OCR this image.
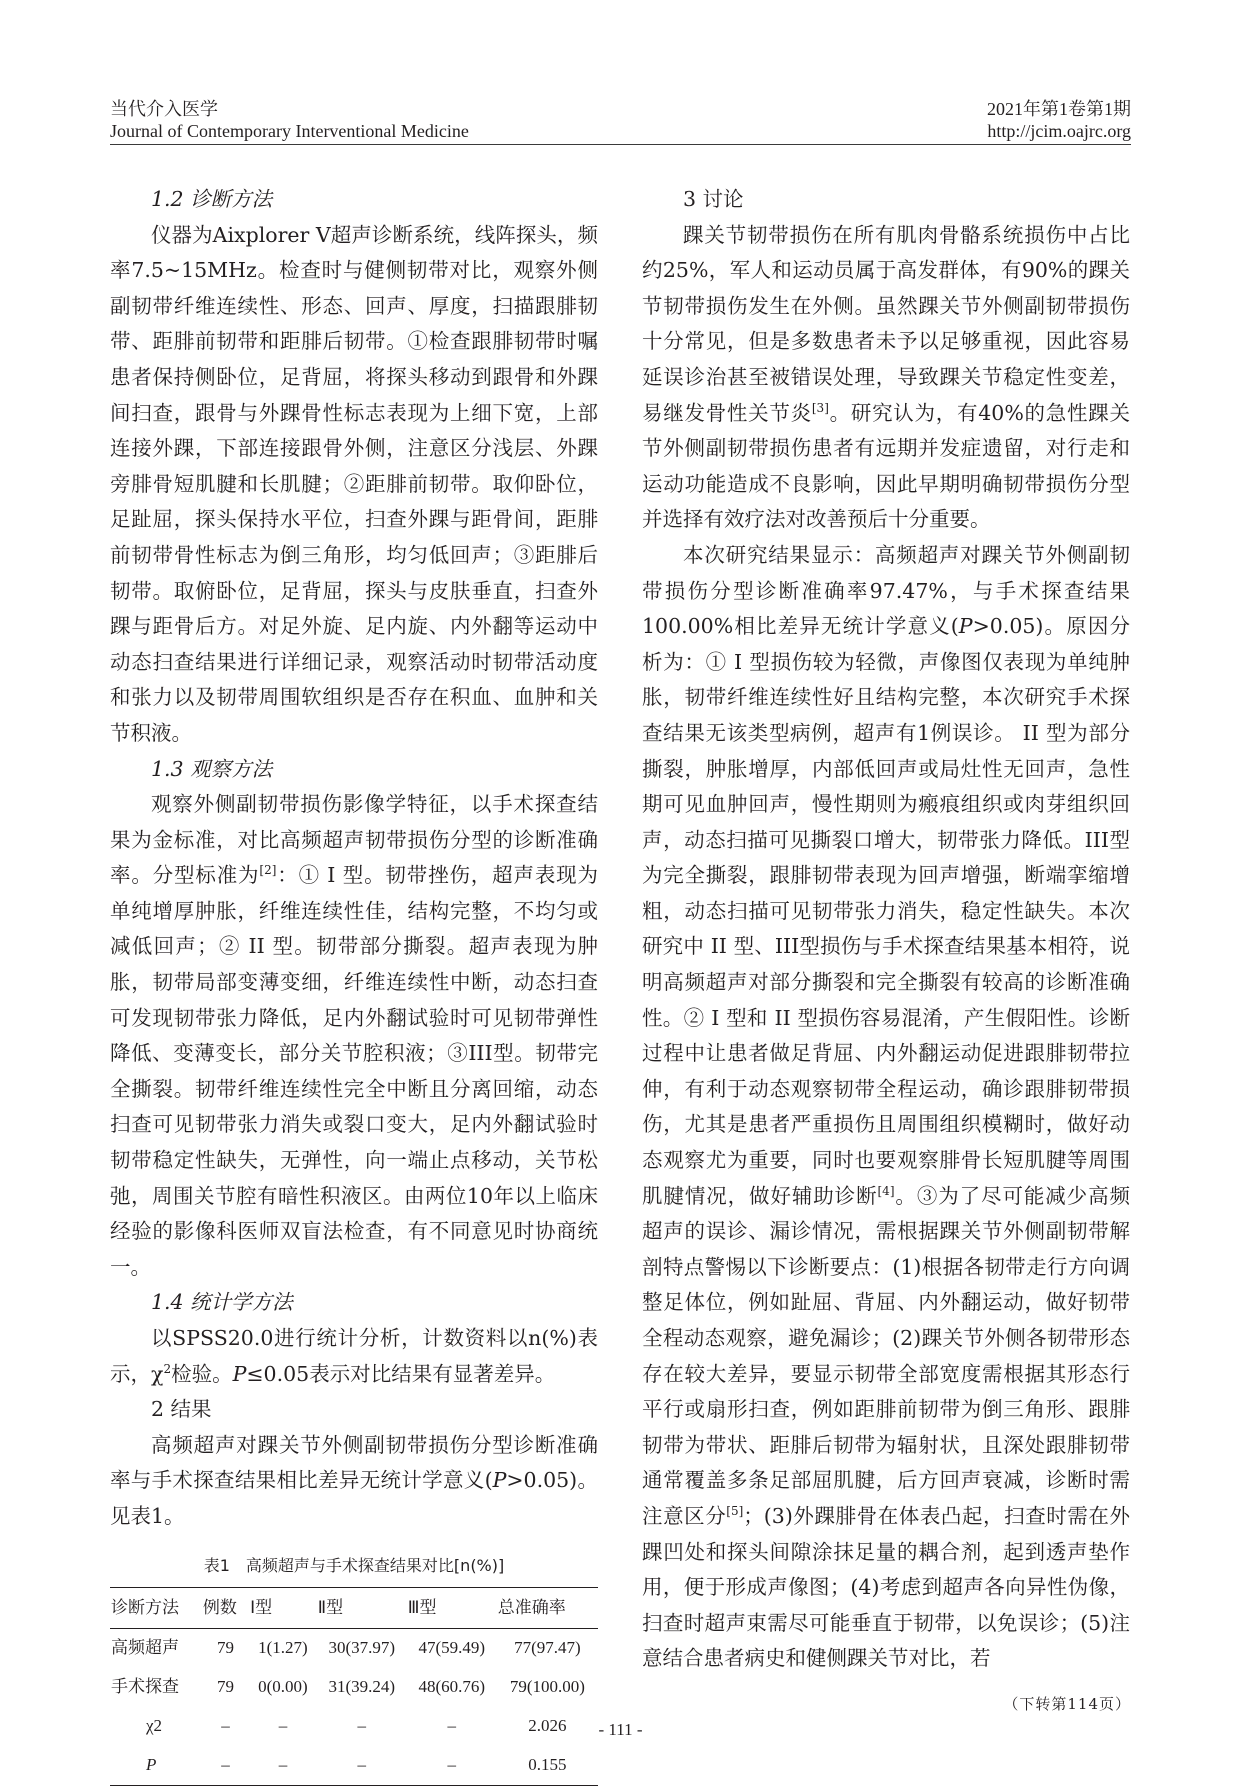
当代介入医学
Journal of Contemporary Interventional Medicine
2021年第1卷第1期
http://jcim.oajrc.org
1.2 诊断方法

仪器为Aixplorer V超声诊断系统，线阵探头，频率7.5~15MHz。检查时与健侧韧带对比，观察外侧副韧带纤维连续性、形态、回声、厚度，扫描跟腓韧带、距腓前韧带和距腓后韧带。①检查跟腓韧带时嘱患者保持侧卧位，足背屈，将探头移动到跟骨和外踝间扫查，跟骨与外踝骨性标志表现为上细下宽，上部连接外踝，下部连接跟骨外侧，注意区分浅层、外踝旁腓骨短肌腱和长肌腱；②距腓前韧带。取仰卧位，足趾屈，探头保持水平位，扫查外踝与距骨间，距腓前韧带骨性标志为倒三角形，均匀低回声；③距腓后韧带。取俯卧位，足背屈，探头与皮肤垂直，扫查外踝与距骨后方。对足外旋、足内旋、内外翻等运动中动态扫查结果进行详细记录，观察活动时韧带活动度和张力以及韧带周围软组织是否存在积血、血肿和关节积液。

1.3 观察方法

观察外侧副韧带损伤影像学特征，以手术探查结果为金标准，对比高频超声韧带损伤分型的诊断准确率。分型标准为[2]：① I 型。韧带挫伤，超声表现为单纯增厚肿胀，纤维连续性佳，结构完整，不均匀或减低回声；② II 型。韧带部分撕裂。超声表现为肿胀，韧带局部变薄变细，纤维连续性中断，动态扫查可发现韧带张力降低，足内外翻试验时可见韧带弹性降低、变薄变长，部分关节腔积液；③III型。韧带完全撕裂。韧带纤维连续性完全中断且分离回缩，动态扫查可见韧带张力消失或裂口变大，足内外翻试验时韧带稳定性缺失，无弹性，向一端止点移动，关节松弛，周围关节腔有暗性积液区。由两位10年以上临床经验的影像科医师双盲法检查，有不同意见时协商统一。

1.4 统计学方法

以SPSS20.0进行统计分析，计数资料以n(%)表示，$\chi^2$检验。P≤0.05表示对比结果有显著差异。

2 结果

高频超声对踝关节外侧副韧带损伤分型诊断准确率与手术探查结果相比差异无统计学意义(P>0.05)。见表1。

表1　高频超声与手术探查结果对比[n(%)]
诊断方法	例数	Ⅰ型	Ⅱ型	Ⅲ型	总准确率
高频超声	79	1(1.27)	30(37.97)	47(59.49)	77(97.47)
手术探查	79	0(0.00)	31(39.24)	48(60.76)	79(100.00)
χ2	–	–	–	–	2.026
P	–	–	–	–	0.155
3 讨论

踝关节韧带损伤在所有肌肉骨骼系统损伤中占比约25%，军人和运动员属于高发群体，有90%的踝关节韧带损伤发生在外侧。虽然踝关节外侧副韧带损伤十分常见，但是多数患者未予以足够重视，因此容易延误诊治甚至被错误处理，导致踝关节稳定性变差，易继发骨性关节炎[3]。研究认为，有40%的急性踝关节外侧副韧带损伤患者有远期并发症遗留，对行走和运动功能造成不良影响，因此早期明确韧带损伤分型并选择有效疗法对改善预后十分重要。

本次研究结果显示：高频超声对踝关节外侧副韧带损伤分型诊断准确率97.47%，与手术探查结果100.00%相比差异无统计学意义(P>0.05)。原因分析为：① I 型损伤较为轻微，声像图仅表现为单纯肿胀，韧带纤维连续性好且结构完整，本次研究手术探查结果无该类型病例，超声有1例误诊。 II 型为部分撕裂，肿胀增厚，内部低回声或局灶性无回声，急性期可见血肿回声，慢性期则为瘢痕组织或肉芽组织回声，动态扫描可见撕裂口增大，韧带张力降低。III型为完全撕裂，跟腓韧带表现为回声增强，断端挛缩增粗，动态扫描可见韧带张力消失，稳定性缺失。本次研究中 II 型、III型损伤与手术探查结果基本相符，说明高频超声对部分撕裂和完全撕裂有较高的诊断准确性。② I 型和 II 型损伤容易混淆，产生假阳性。诊断过程中让患者做足背屈、内外翻运动促进跟腓韧带拉伸，有利于动态观察韧带全程运动，确诊跟腓韧带损伤，尤其是患者严重损伤且周围组织模糊时，做好动态观察尤为重要，同时也要观察腓骨长短肌腱等周围肌腱情况，做好辅助诊断[4]。③为了尽可能减少高频超声的误诊、漏诊情况，需根据踝关节外侧副韧带解剖特点警惕以下诊断要点：(1)根据各韧带走行方向调整足体位，例如趾屈、背屈、内外翻运动，做好韧带全程动态观察，避免漏诊；(2)踝关节外侧各韧带形态存在较大差异，要显示韧带全部宽度需根据其形态行平行或扇形扫查，例如距腓前韧带为倒三角形、跟腓韧带为带状、距腓后韧带为辐射状，且深处跟腓韧带通常覆盖多条足部屈肌腱，后方回声衰减，诊断时需注意区分[5]；(3)外踝腓骨在体表凸起，扫查时需在外踝凹处和探头间隙涂抹足量的耦合剂，起到透声垫作用，便于形成声像图；(4)考虑到超声各向异性伪像，扫查时超声束需尽可能垂直于韧带，以免误诊；(5)注意结合患者病史和健侧踝关节对比，若

（下转第114页）
- 111 -
